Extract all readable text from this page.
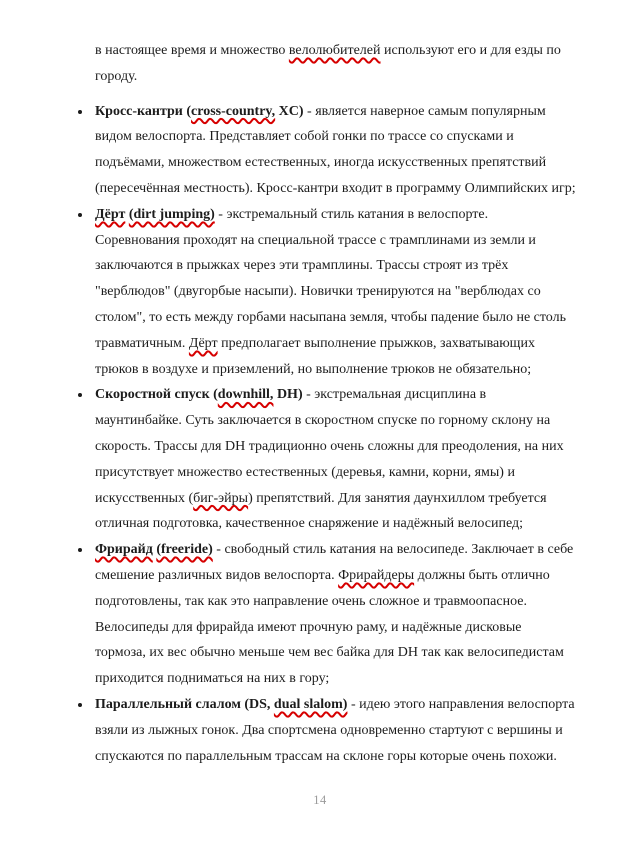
в настоящее время и множество велолюбителей используют его и для езды по
городу.
Кросс-кантри (cross-country, XC) - является наверное самым популярным
видом велоспорта. Представляет собой гонки по трассе со спусками и
подъёмами, множеством естественных, иногда искусственных препятствий
(пересечённая местность). Кросс-кантри входит в программу Олимпийских игр;
Дёрт (dirt jumping) - экстремальный стиль катания в велоспорте.
Соревнования проходят на специальной трассе с трамплинами из земли и
заключаются в прыжках через эти трамплины. Трассы строят из трёх
"верблюдов" (двугорбые насыпи). Новички тренируются на "верблюдах со
столом", то есть между горбами насыпана земля, чтобы падение было не столь
травматичным. Дёрт предполагает выполнение прыжков, захватывающих
трюков в воздухе и приземлений, но выполнение трюков не обязательно;
Скоростной спуск (downhill, DH) - экстремальная дисциплина в
маунтинбайке. Суть заключается в скоростном спуске по горному склону на
скорость. Трассы для DH традиционно очень сложны для преодоления, на них
присутствует множество естественных (деревья, камни, корни, ямы) и
искусственных (биг-эйры) препятствий. Для занятия даунхиллом требуется
отличная подготовка, качественное снаряжение и надёжный велосипед;
Фрирайд (freeride) - свободный стиль катания на велосипеде. Заключает в себе
смешение различных видов велоспорта. Фрирайдеры должны быть отлично
подготовлены, так как это направление очень сложное и травмоопасное.
Велосипеды для фрирайда имеют прочную раму, и надёжные дисковые
тормоза, их вес обычно меньше чем вес байка для DH так как велосипедистам
приходится подниматься на них в гору;
Параллельный слалом (DS, dual slalom) - идею этого направления велоспорта
взяли из лыжных гонок. Два спортсмена одновременно стартуют с вершины и
спускаются по параллельным трассам на склоне горы которые очень похожи.
14
